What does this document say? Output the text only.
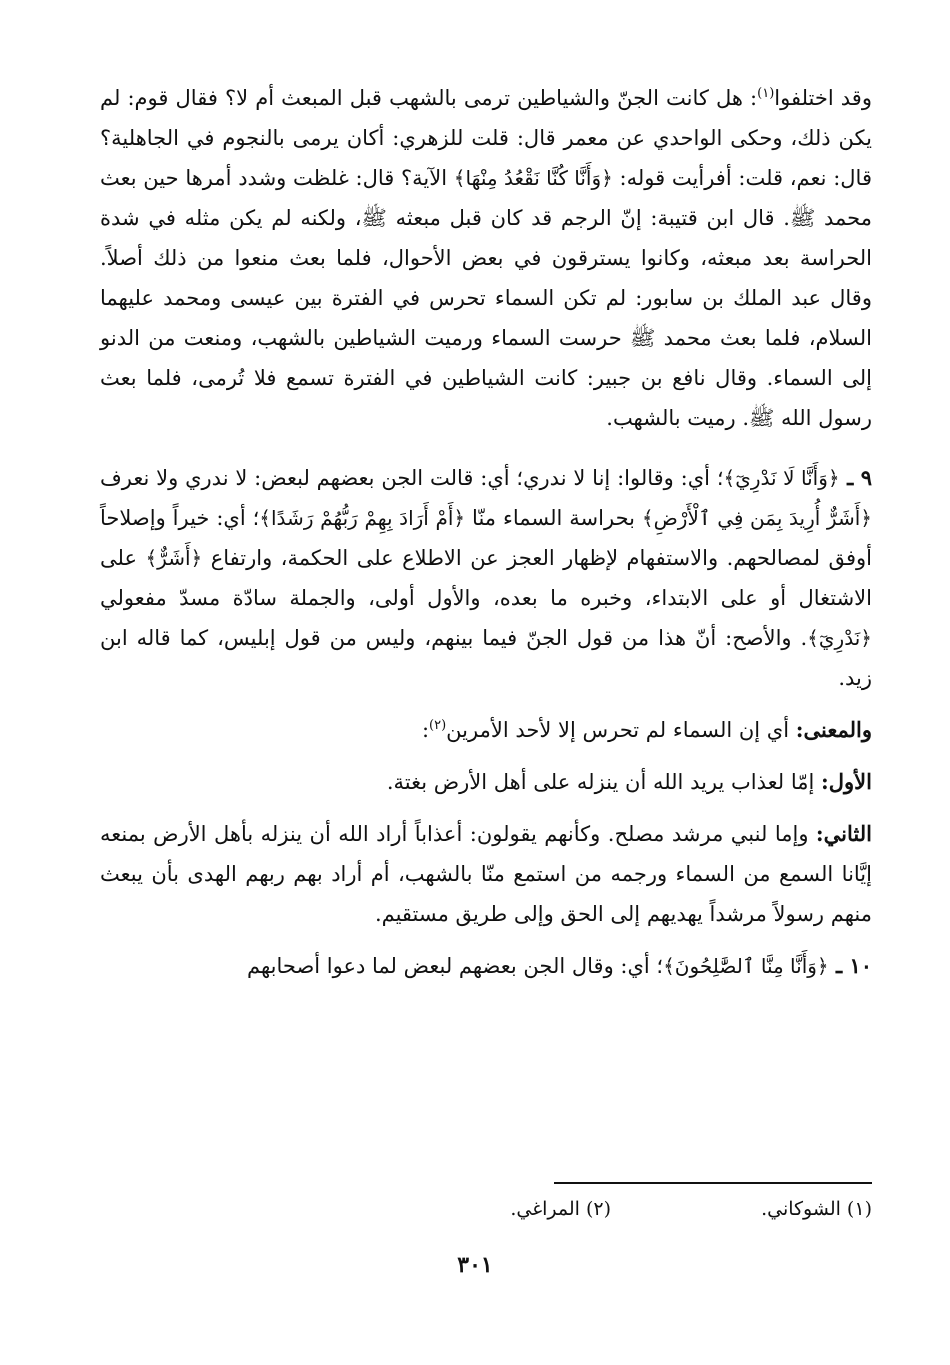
وقد اختلفوا$^{(١)}$: هل كانت الجنّ والشياطين ترمى بالشهب قبل المبعث أم لا؟ فقال قوم: لم يكن ذلك، وحكى الواحدي عن معمر قال: قلت للزهري: أكان يرمى بالنجوم في الجاهلية؟ قال: نعم، قلت: أفرأيت قوله: ﴿وَأَنَّا كُنَّا نَقْعُدُ مِنْهَا﴾ الآية؟ قال: غلظت وشدد أمرها حين بعث محمد ﷺ. قال ابن قتيبة: إنّ الرجم قد كان قبل مبعثه ﷺ، ولكنه لم يكن مثله في شدة الحراسة بعد مبعثه، وكانوا يسترقون في بعض الأحوال، فلما بعث منعوا من ذلك أصلاً. وقال عبد الملك بن سابور: لم تكن السماء تحرس في الفترة بين عيسى ومحمد عليهما السلام، فلما بعث محمد ﷺ حرست السماء ورميت الشياطين بالشهب، ومنعت من الدنو إلى السماء. وقال نافع بن جبير: كانت الشياطين في الفترة تسمع فلا تُرمى، فلما بعث رسول الله ﷺ. رميت بالشهب.

٩ ـ ﴿وَأَنَّا لَا نَدْرِيٓ﴾؛ أي: وقالوا: إنا لا ندري؛ أي: قالت الجن بعضهم لبعض: لا ندري ولا نعرف ﴿أَشَرٌّ أُرِيدَ بِمَن فِي ٱلْأَرْضِ﴾ بحراسة السماء منّا ﴿أَمْ أَرَادَ بِهِمْ رَبُّهُمْ رَشَدًا﴾؛ أي: خيراً وإصلاحاً أوفق لمصالحهم. والاستفهام لإظهار العجز عن الاطلاع على الحكمة، وارتفاع ﴿أَشَرٌّ﴾ على الاشتغال أو على الابتداء، وخبره ما بعده، والأول أولى، والجملة سادّة مسدّ مفعولي ﴿نَدْرِيٓ﴾. والأصح: أنّ هذا من قول الجنّ فيما بينهم، وليس من قول إبليس، كما قاله ابن زيد.

والمعنى: أي إن السماء لم تحرس إلا لأحد الأمرين$^{(٢)}$:

الأول: إمّا لعذاب يريد الله أن ينزله على أهل الأرض بغتة.

الثاني: وإما لنبي مرشد مصلح. وكأنهم يقولون: أعذاباً أراد الله أن ينزله بأهل الأرض بمنعه إيَّانا السمع من السماء ورجمه من استمع منّا بالشهب، أم أراد بهم ربهم الهدى بأن يبعث منهم رسولاً مرشداً يهديهم إلى الحق وإلى طريق مستقيم.

١٠ ـ ﴿وَأَنَّا مِنَّا ٱلصَّٰلِحُونَ﴾؛ أي: وقال الجن بعضهم لبعض لما دعوا أصحابهم

(١) الشوكاني.
(٢) المراغي.
٣٠١
